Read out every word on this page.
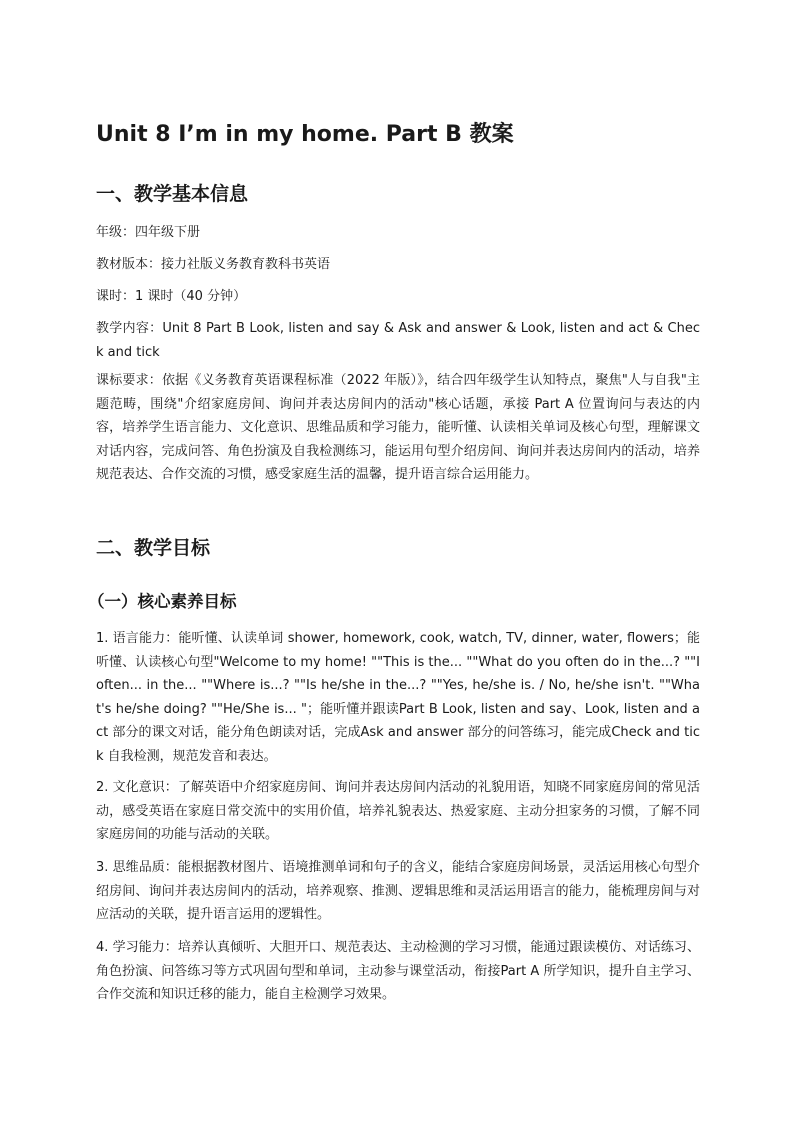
Unit 8 I’m in my home. Part B 教案
一、教学基本信息
年级：四年级下册
教材版本：接力社版义务教育教科书英语
课时：1 课时（40 分钟）
教学内容：Unit 8 Part B Look, listen and say & Ask and answer & Look, listen and act & Check and tick
课标要求：依据《义务教育英语课程标准（2022 年版）》，结合四年级学生认知特点，聚焦"人与自我"主题范畴，围绕"介绍家庭房间、询问并表达房间内的活动"核心话题，承接 Part A 位置询问与表达的内容，培养学生语言能力、文化意识、思维品质和学习能力，能听懂、认读相关单词及核心句型，理解课文对话内容，完成问答、角色扮演及自我检测练习，能运用句型介绍房间、询问并表达房间内的活动，培养规范表达、合作交流的习惯，感受家庭生活的温馨，提升语言综合运用能力。
二、教学目标
（一）核心素养目标
1. 语言能力：能听懂、认读单词 shower, homework, cook, watch, TV, dinner, water, flowers；能听懂、认读核心句型"Welcome to my home! ""This is the... ""What do you often do in the...? ""I often... in the... ""Where is...? ""Is he/she in the...? ""Yes, he/she is. / No, he/she isn't. ""What's he/she doing? ""He/She is... "；能听懂并跟读Part B Look, listen and say、Look, listen and act 部分的课文对话，能分角色朗读对话，完成Ask and answer 部分的问答练习，能完成Check and tick 自我检测，规范发音和表达。
2. 文化意识：了解英语中介绍家庭房间、询问并表达房间内活动的礼貌用语，知晓不同家庭房间的常见活动，感受英语在家庭日常交流中的实用价值，培养礼貌表达、热爱家庭、主动分担家务的习惯，了解不同家庭房间的功能与活动的关联。
3. 思维品质：能根据教材图片、语境推测单词和句子的含义，能结合家庭房间场景，灵活运用核心句型介绍房间、询问并表达房间内的活动，培养观察、推测、逻辑思维和灵活运用语言的能力，能梳理房间与对应活动的关联，提升语言运用的逻辑性。
4. 学习能力：培养认真倾听、大胆开口、规范表达、主动检测的学习习惯，能通过跟读模仿、对话练习、角色扮演、问答练习等方式巩固句型和单词，主动参与课堂活动，衔接Part A 所学知识，提升自主学习、合作交流和知识迁移的能力，能自主检测学习效果。
